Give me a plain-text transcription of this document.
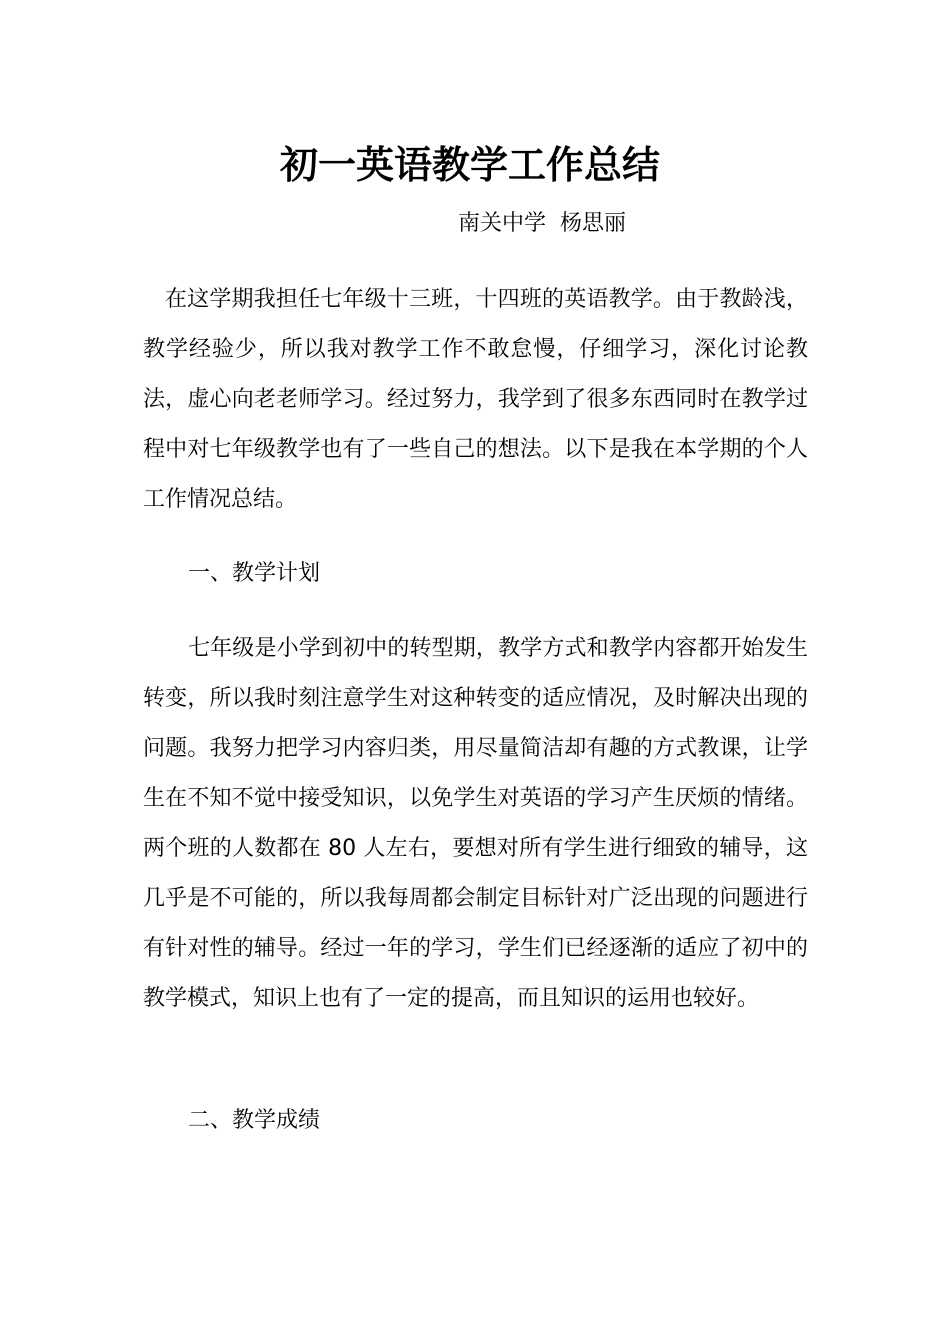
初一英语教学工作总结
南关中学  杨思丽

在这学期我担任七年级十三班，十四班的英语教学。由于教龄浅，教学经验少，所以我对教学工作不敢怠慢，仔细学习，深化讨论教法，虚心向老老师学习。经过努力，我学到了很多东西同时在教学过程中对七年级教学也有了一些自己的想法。以下是我在本学期的个人工作情况总结。

一、教学计划

七年级是小学到初中的转型期，教学方式和教学内容都开始发生转变，所以我时刻注意学生对这种转变的适应情况，及时解决出现的问题。我努力把学习内容归类，用尽量简洁却有趣的方式教课，让学生在不知不觉中接受知识，以免学生对英语的学习产生厌烦的情绪。两个班的人数都在 80 人左右，要想对所有学生进行细致的辅导，这几乎是不可能的，所以我每周都会制定目标针对广泛出现的问题进行有针对性的辅导。经过一年的学习，学生们已经逐渐的适应了初中的教学模式，知识上也有了一定的提高，而且知识的运用也较好。

二、教学成绩
